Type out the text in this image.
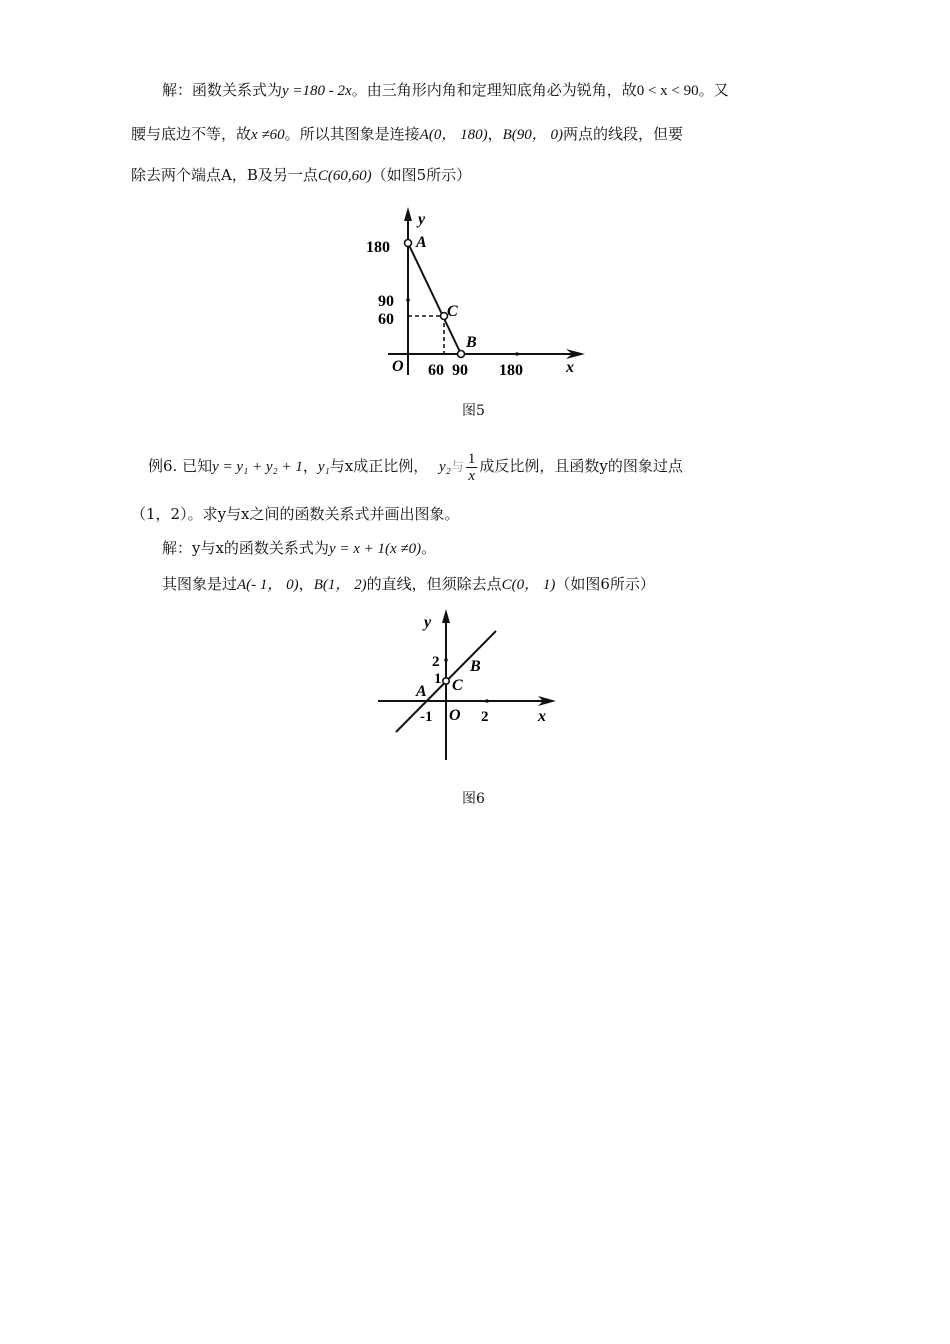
解：函数关系式为y =180 - 2x。由三角形内角和定理知底角必为锐角，故0 < x < 90。又
腰与底边不等，故x ≠60。所以其图象是连接A(0， 180)，B(90， 0)两点的线段，但要
除去两个端点A，B及另一点C(60,60)（如图5所示）
y
x
O
180
90
60
60 90 180
A
C
B
图5
例6. 已知y = y₁ + y₂ + 1，y₁与x成正比例， y₂与 $\frac{1}{x}$ 成反比例，且函数y的图象过点
（1，2）。求y与x之间的函数关系式并画出图象。
解：y与x的函数关系式为y = x + 1(x ≠0)。
其图象是过A(- 1， 0)，B(1， 2)的直线，但须除去点C(0， 1)（如图6所示）
y
x
O
2
1
-1	2
A
B
C
图6
